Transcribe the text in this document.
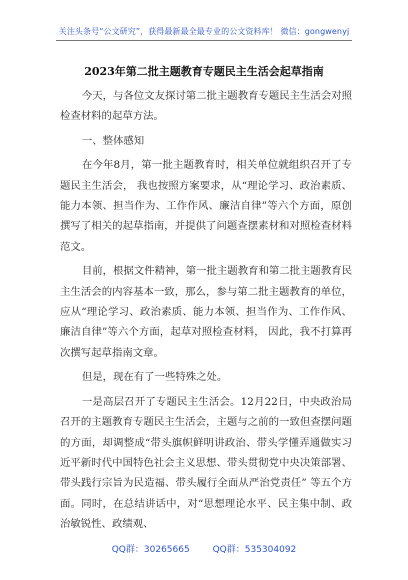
关注头条号“公文研究”，获得最新最全最专业的公文资料库！ 微信：gongwenyj
2023年第二批主题教育专题民主生活会起草指南

今天，与各位文友探讨第二批主题教育专题民主生活会对照检查材料的起草方法。

一、整体感知

在今年8月，第一批主题教育时，相关单位就组织召开了专题民主生活会， 我也按照方案要求，从“理论学习、政治素质、能力本领、担当作为、工作作风、廉洁自律”等六个方面，原创撰写了相关的起草指南，并提供了问题查摆素材和对照检查材料范文。

目前，根据文件精神，第一批主题教育和第二批主题教育民主生活会的内容基本一致，那么，参与第二批主题教育的单位，应从“理论学习、政治素质、能力本领、担当作为、工作作风、廉洁自律”等六个方面，起草对照检查材料， 因此，我不打算再次撰写起草指南文章。

但是，现在有了一些特殊之处。

一是高层召开了专题民主生活会。12月22日，中央政治局召开的主题教育专题民主生活会，主题与之前的一致但查摆问题的方面，却调整成“带头旗帜鲜明讲政治、带头学懂弄通做实习近平新时代中国特色社会主义思想、带头贯彻党中央决策部署、带头践行宗旨为民造福、带头履行全面从严治党责任” 等五个方面。同时，在总结讲话中，对“思想理论水平、民主集中制、政治敏锐性、政绩观、

QQ群：30265665	QQ群：535304092
